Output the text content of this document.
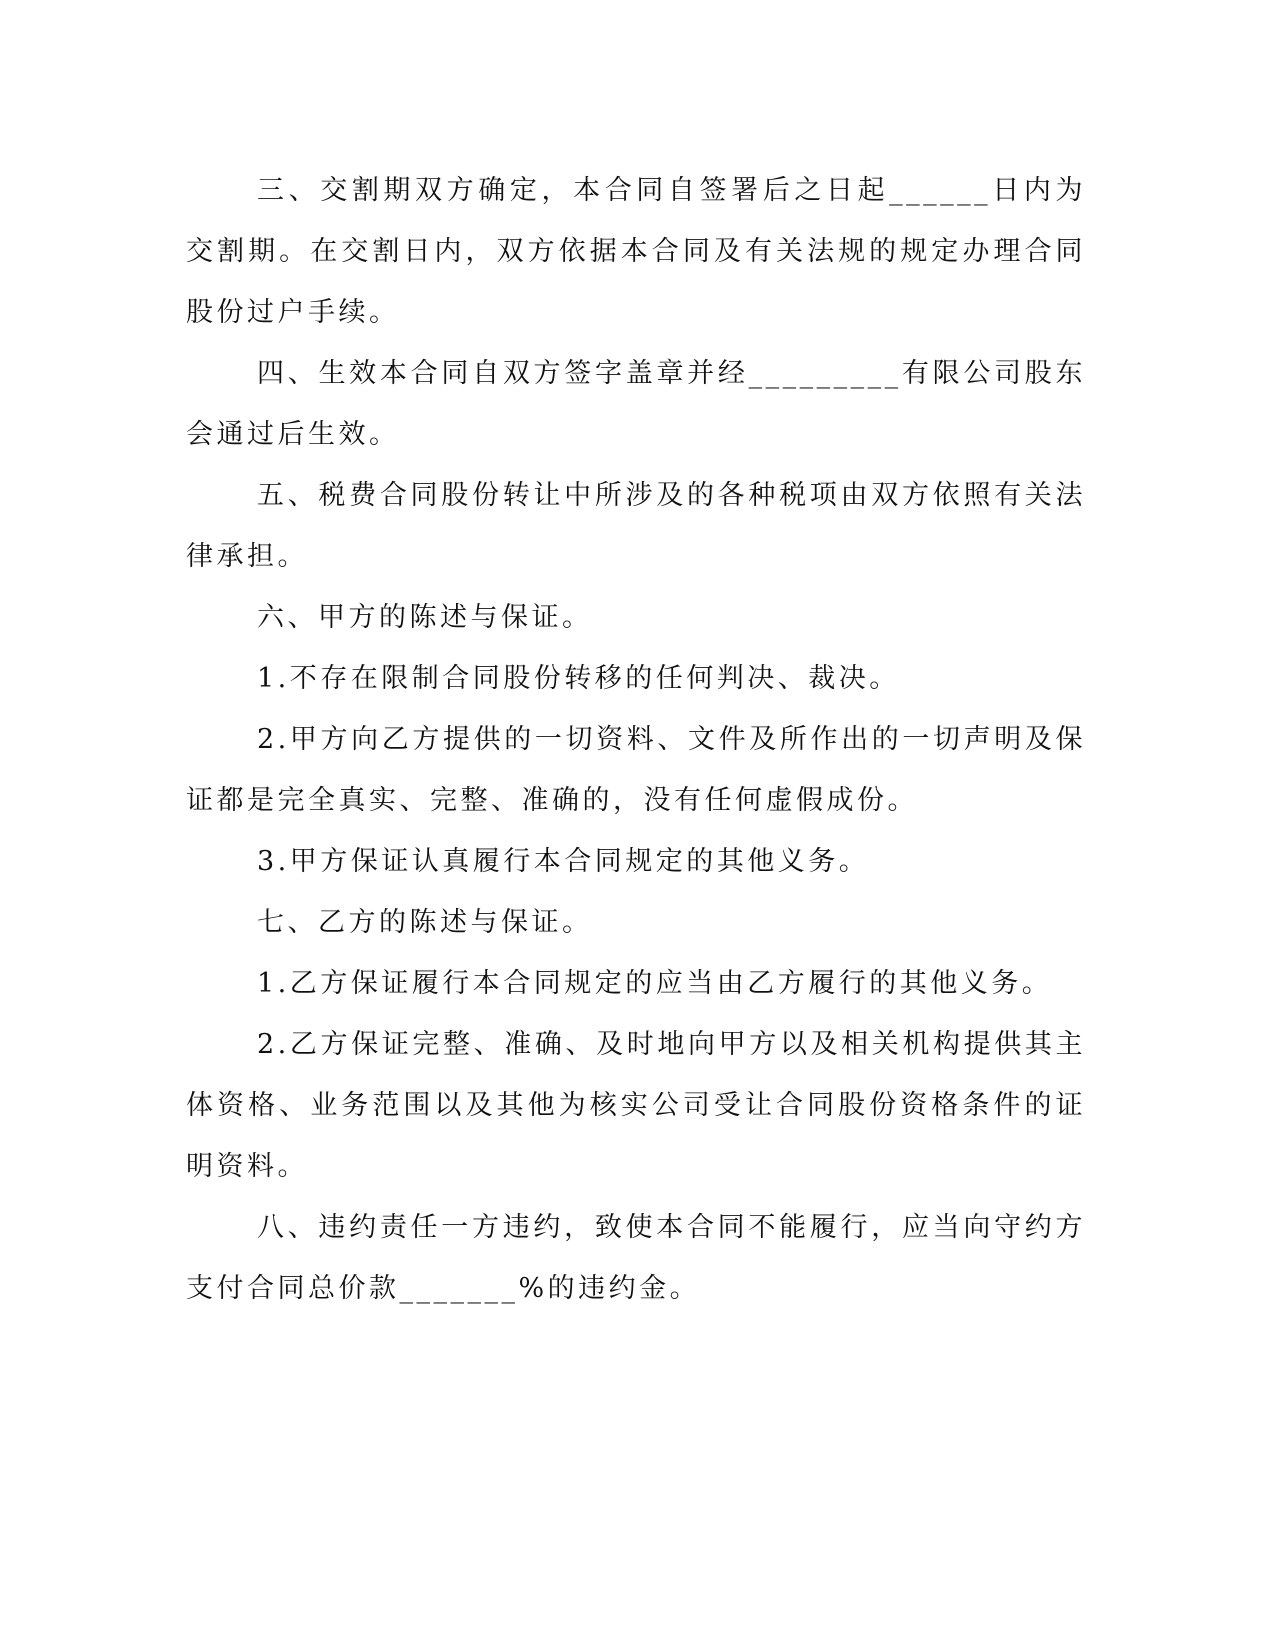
三、交割期双方确定，本合同自签署后之日起______日内为交割期。在交割日内，双方依据本合同及有关法规的规定办理合同股份过户手续。

四、生效本合同自双方签字盖章并经_________有限公司股东会通过后生效。

五、税费合同股份转让中所涉及的各种税项由双方依照有关法律承担。

六、甲方的陈述与保证。

1.不存在限制合同股份转移的任何判决、裁决。

2.甲方向乙方提供的一切资料、文件及所作出的一切声明及保证都是完全真实、完整、准确的，没有任何虚假成份。

3.甲方保证认真履行本合同规定的其他义务。

七、乙方的陈述与保证。

1.乙方保证履行本合同规定的应当由乙方履行的其他义务。

2.乙方保证完整、准确、及时地向甲方以及相关机构提供其主体资格、业务范围以及其他为核实公司受让合同股份资格条件的证明资料。

八、违约责任一方违约，致使本合同不能履行，应当向守约方支付合同总价款_______%的违约金。
